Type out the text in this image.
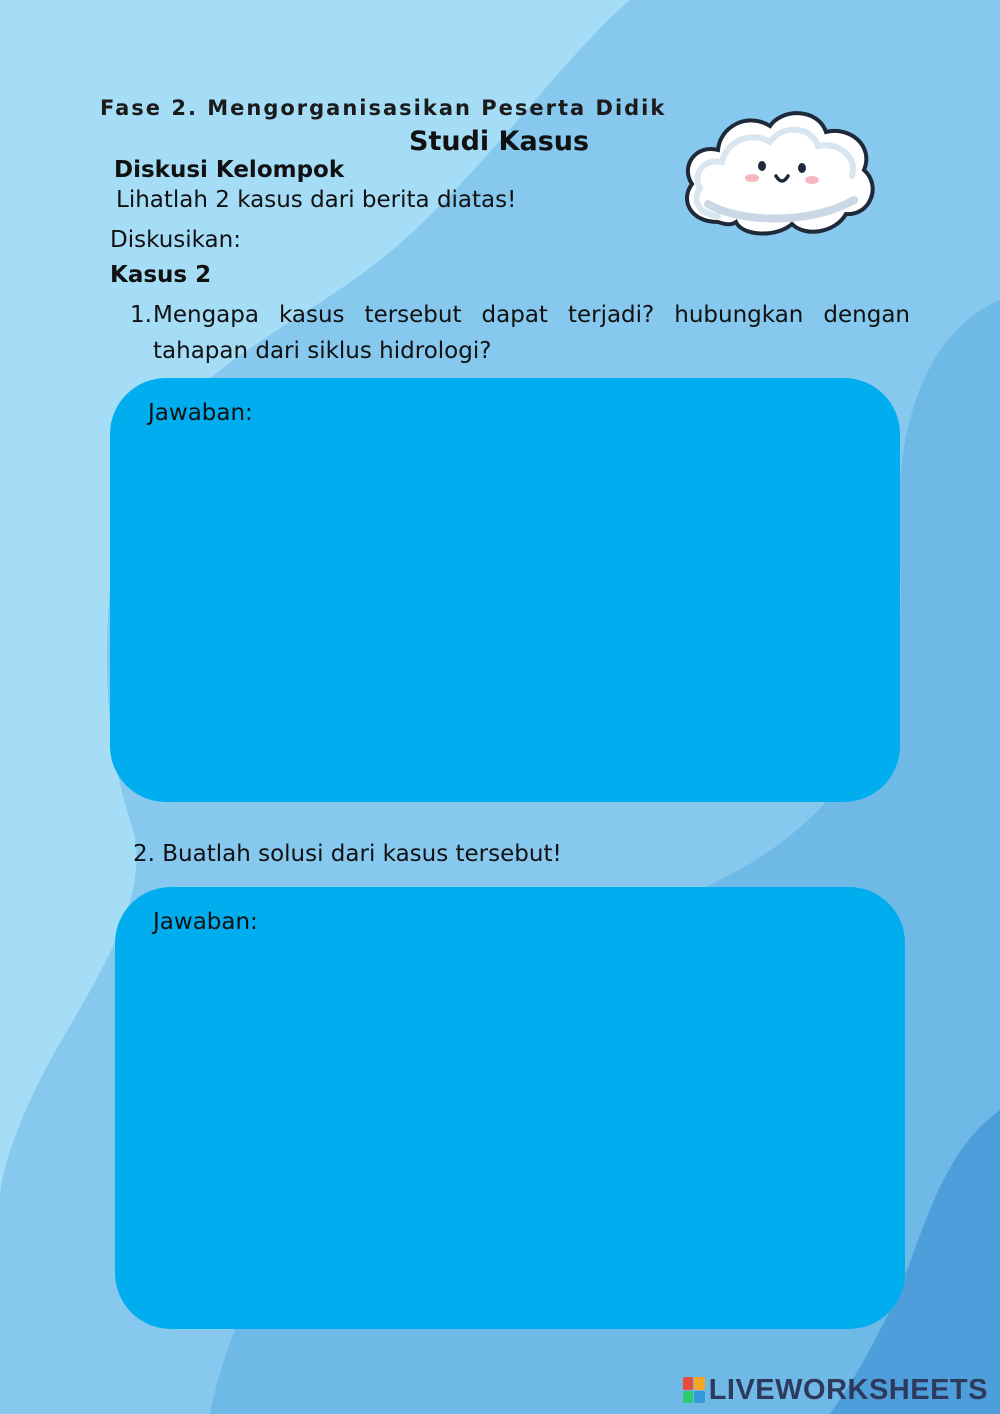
Fase 2. Mengorganisasikan Peserta Didik
Studi Kasus
Diskusi Kelompok
Lihatlah 2 kasus dari berita diatas!
Diskusikan:
Kasus 2
1. Mengapa kasus tersebut dapat terjadi? hubungkan dengan tahapan dari siklus hidrologi?
Jawaban:
2. Buatlah solusi dari kasus tersebut!
Jawaban:
LIVEWORKSHEETS
